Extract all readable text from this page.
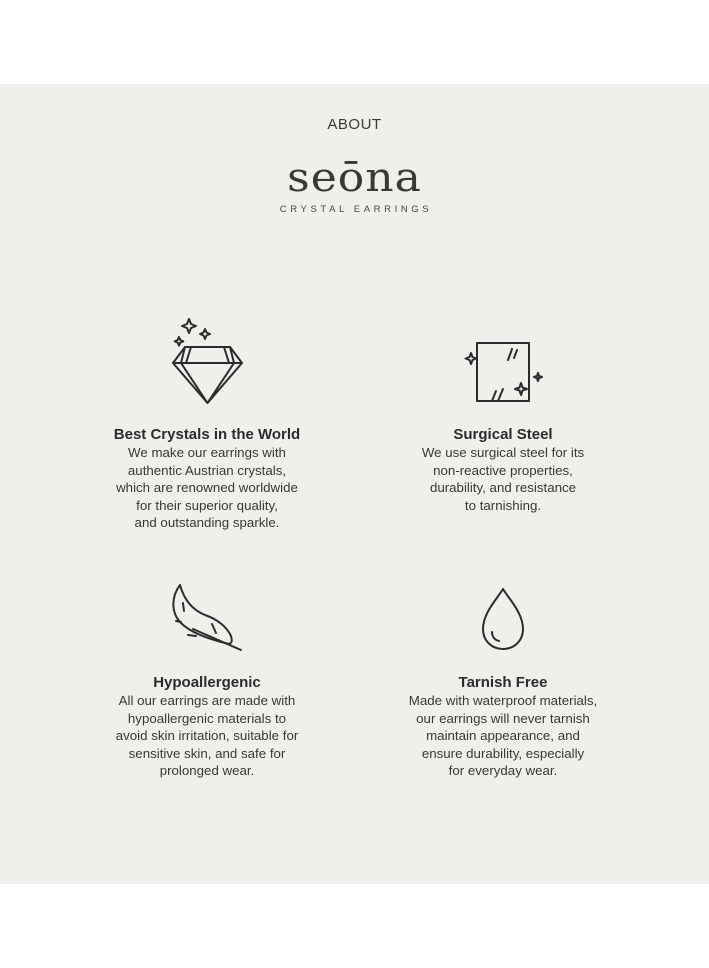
ABOUT
seōna
CRYSTAL EARRINGS
Best Crystals in the World

We make our earrings with

authentic Austrian crystals,

which are renowned worldwide

for their superior quality,

and outstanding sparkle.

Surgical Steel

We use surgical steel for its

non-reactive properties,

durability, and resistance

to tarnishing.

Hypoallergenic

All our earrings are made with

hypoallergenic materials to

avoid skin irritation, suitable for

sensitive skin, and safe for

prolonged wear.

Tarnish Free

Made with waterproof materials,

our earrings will never tarnish

maintain appearance, and

ensure durability, especially

for everyday wear.
